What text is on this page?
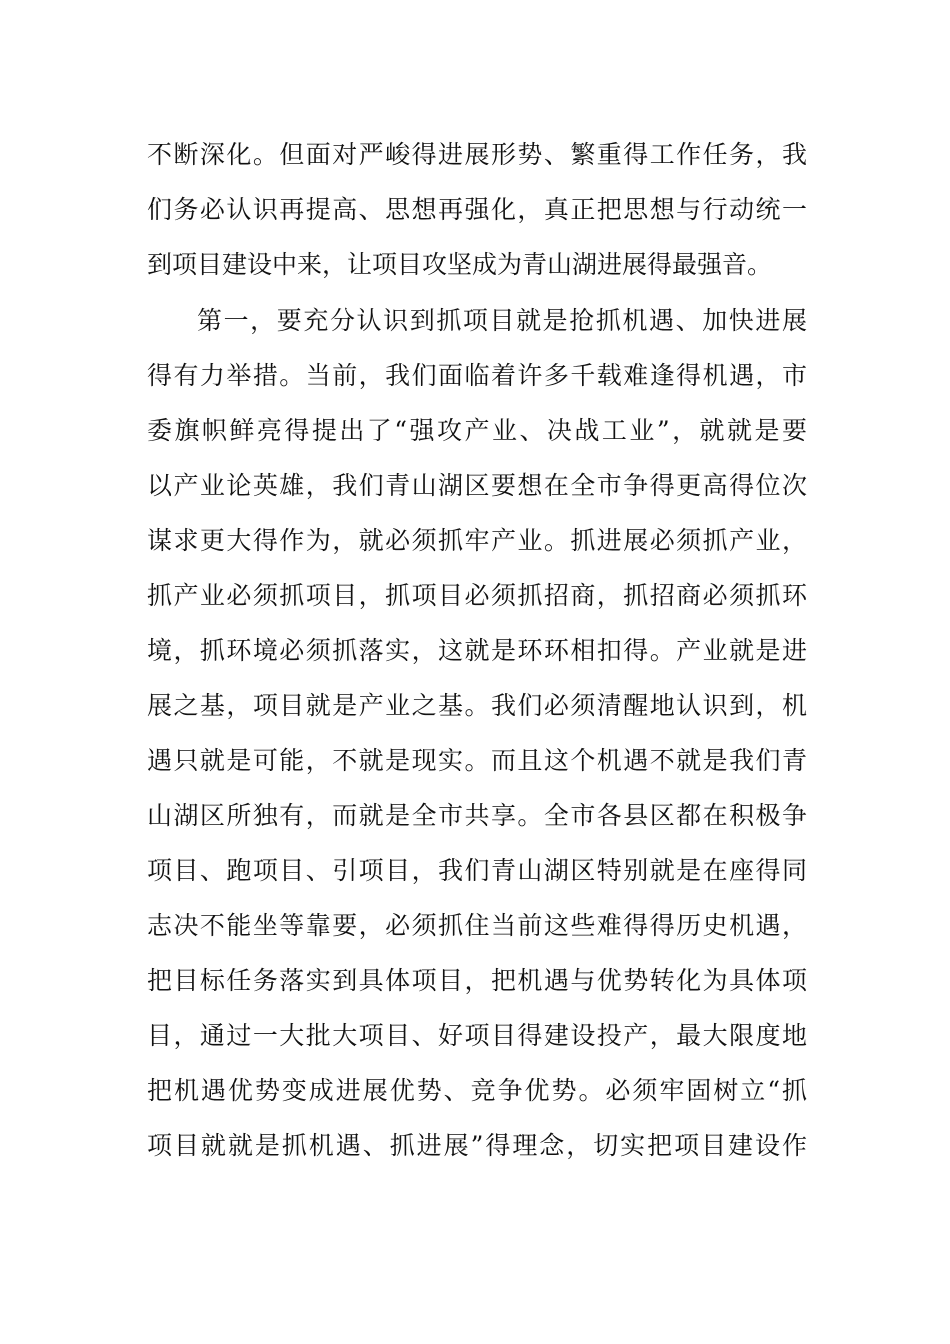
不断深化。但面对严峻得进展形势、繁重得工作任务，我
们务必认识再提高、思想再强化，真正把思想与行动统一
到项目建设中来，让项目攻坚成为青山湖进展得最强音。
第一，要充分认识到抓项目就是抢抓机遇、加快进展
得有力举措。当前，我们面临着许多千载难逢得机遇，市
委旗帜鲜亮得提出了“强攻产业、决战工业”，就就是要
以产业论英雄，我们青山湖区要想在全市争得更高得位次
谋求更大得作为，就必须抓牢产业。抓进展必须抓产业，
抓产业必须抓项目，抓项目必须抓招商，抓招商必须抓环
境，抓环境必须抓落实，这就是环环相扣得。产业就是进
展之基，项目就是产业之基。我们必须清醒地认识到，机
遇只就是可能，不就是现实。而且这个机遇不就是我们青
山湖区所独有，而就是全市共享。全市各县区都在积极争
项目、跑项目、引项目，我们青山湖区特别就是在座得同
志决不能坐等靠要，必须抓住当前这些难得得历史机遇，
把目标任务落实到具体项目，把机遇与优势转化为具体项
目，通过一大批大项目、好项目得建设投产，最大限度地
把机遇优势变成进展优势、竞争优势。必须牢固树立“抓
项目就就是抓机遇、抓进展”得理念，切实把项目建设作
